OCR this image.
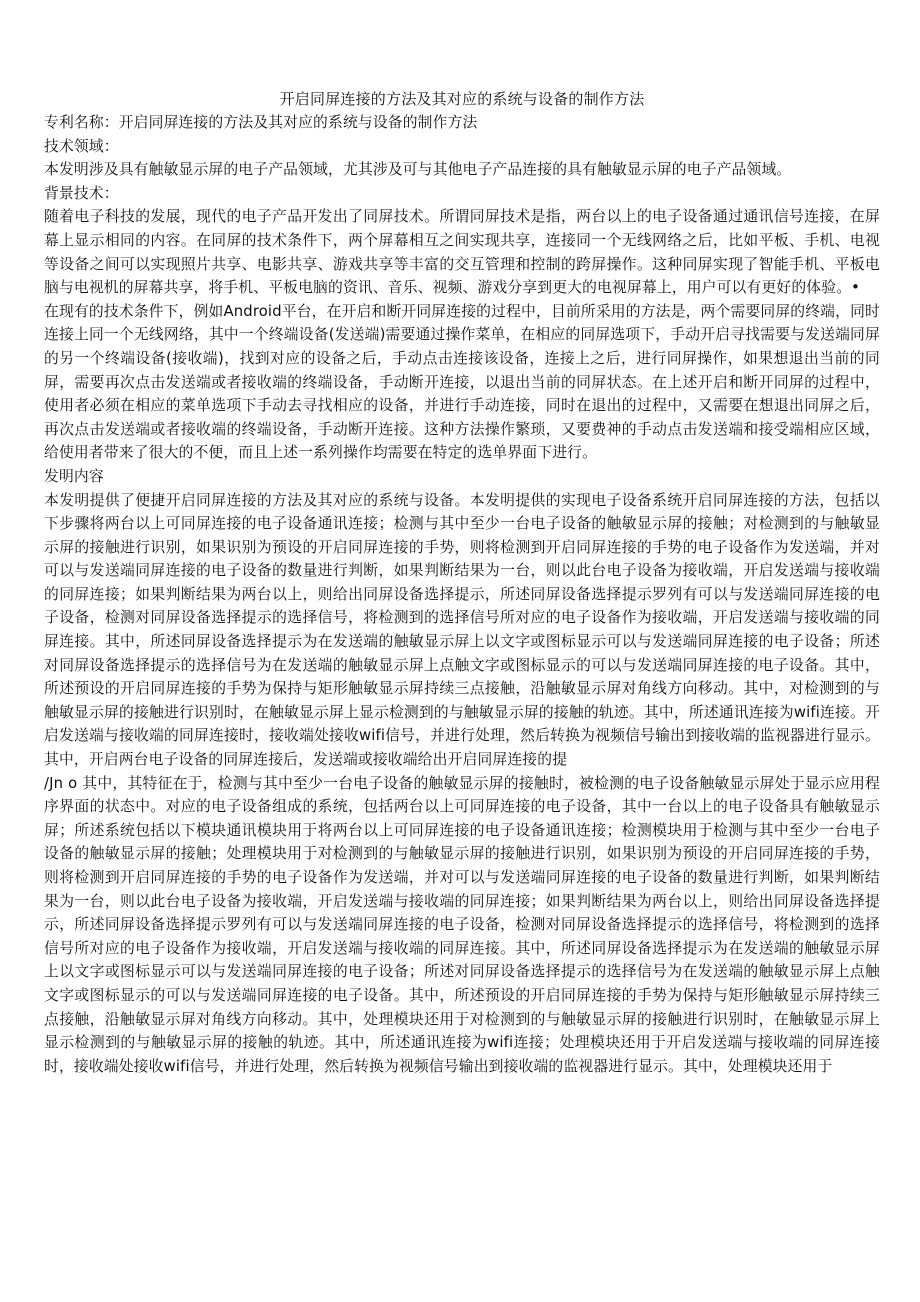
开启同屏连接的方法及其对应的系统与设备的制作方法

专利名称：开启同屏连接的方法及其对应的系统与设备的制作方法

技术领域：

本发明涉及具有触敏显示屏的电子产品领域，尤其涉及可与其他电子产品连接的具有触敏显示屏的电子产品领域。

背景技术：

随着电子科技的发展，现代的电子产品开发出了同屏技术。所谓同屏技术是指，两台以上的电子设备通过通讯信号连接，在屏幕上显示相同的内容。在同屏的技术条件下，两个屏幕相互之间实现共享，连接同一个无线网络之后，比如平板、手机、电视等设备之间可以实现照片共享、电影共享、游戏共享等丰富的交互管理和控制的跨屏操作。这种同屏实现了智能手机、平板电脑与电视机的屏幕共享，将手机、平板电脑的资讯、音乐、视频、游戏分享到更大的电视屏幕上，用户可以有更好的体验。•

在现有的技术条件下，例如Android平台，在开启和断开同屏连接的过程中，目前所采用的方法是，两个需要同屏的终端，同时连接上同一个无线网络，其中一个终端设备(发送端)需要通过操作菜单，在相应的同屏选项下，手动开启寻找需要与发送端同屏的另一个终端设备(接收端)，找到对应的设备之后，手动点击连接该设备，连接上之后，进行同屏操作，如果想退出当前的同屏，需要再次点击发送端或者接收端的终端设备，手动断开连接，以退出当前的同屏状态。在上述开启和断开同屏的过程中，使用者必须在相应的菜单选项下手动去寻找相应的设备，并进行手动连接，同时在退出的过程中，又需要在想退出同屏之后，再次点击发送端或者接收端的终端设备，手动断开连接。这种方法操作繁琐，又要费神的手动点击发送端和接受端相应区域，给使用者带来了很大的不便，而且上述一系列操作均需要在特定的选单界面下进行。

发明内容

本发明提供了便捷开启同屏连接的方法及其对应的系统与设备。本发明提供的实现电子设备系统开启同屏连接的方法，包括以下步骤将两台以上可同屏连接的电子设备通讯连接；检测与其中至少一台电子设备的触敏显示屏的接触；对检测到的与触敏显示屏的接触进行识别，如果识别为预设的开启同屏连接的手势，则将检测到开启同屏连接的手势的电子设备作为发送端，并对可以与发送端同屏连接的电子设备的数量进行判断，如果判断结果为一台，则以此台电子设备为接收端，开启发送端与接收端的同屏连接；如果判断结果为两台以上，则给出同屏设备选择提示，所述同屏设备选择提示罗列有可以与发送端同屏连接的电子设备，检测对同屏设备选择提示的选择信号，将检测到的选择信号所对应的电子设备作为接收端，开启发送端与接收端的同屏连接。其中，所述同屏设备选择提示为在发送端的触敏显示屏上以文字或图标显示可以与发送端同屏连接的电子设备；所述对同屏设备选择提示的选择信号为在发送端的触敏显示屏上点触文字或图标显示的可以与发送端同屏连接的电子设备。其中，所述预设的开启同屏连接的手势为保持与矩形触敏显示屏持续三点接触，沿触敏显示屏对角线方向移动。其中，对检测到的与触敏显示屏的接触进行识别时，在触敏显示屏上显示检测到的与触敏显示屏的接触的轨迹。其中，所述通讯连接为wifi连接。开启发送端与接收端的同屏连接时，接收端处接收wifi信号，并进行处理，然后转换为视频信号输出到接收端的监视器进行显示。其中，开启两台电子设备的同屏连接后，发送端或接收端给出开启同屏连接的提

/Jn ο 其中，其特征在于，检测与其中至少一台电子设备的触敏显示屏的接触时，被检测的电子设备触敏显示屏处于显示应用程序界面的状态中。对应的电子设备组成的系统，包括两台以上可同屏连接的电子设备，其中一台以上的电子设备具有触敏显示屏；所述系统包括以下模块通讯模块用于将两台以上可同屏连接的电子设备通讯连接；检测模块用于检测与其中至少一台电子设备的触敏显示屏的接触；处理模块用于对检测到的与触敏显示屏的接触进行识别，如果识别为预设的开启同屏连接的手势，则将检测到开启同屏连接的手势的电子设备作为发送端，并对可以与发送端同屏连接的电子设备的数量进行判断，如果判断结果为一台，则以此台电子设备为接收端，开启发送端与接收端的同屏连接；如果判断结果为两台以上，则给出同屏设备选择提示，所述同屏设备选择提示罗列有可以与发送端同屏连接的电子设备，检测对同屏设备选择提示的选择信号，将检测到的选择信号所对应的电子设备作为接收端，开启发送端与接收端的同屏连接。其中，所述同屏设备选择提示为在发送端的触敏显示屏上以文字或图标显示可以与发送端同屏连接的电子设备；所述对同屏设备选择提示的选择信号为在发送端的触敏显示屏上点触文字或图标显示的可以与发送端同屏连接的电子设备。其中，所述预设的开启同屏连接的手势为保持与矩形触敏显示屏持续三点接触，沿触敏显示屏对角线方向移动。其中，处理模块还用于对检测到的与触敏显示屏的接触进行识别时，在触敏显示屏上显示检测到的与触敏显示屏的接触的轨迹。其中，所述通讯连接为wifi连接；处理模块还用于开启发送端与接收端的同屏连接时，接收端处接收wifi信号，并进行处理，然后转换为视频信号输出到接收端的监视器进行显示。其中，处理模块还用于
